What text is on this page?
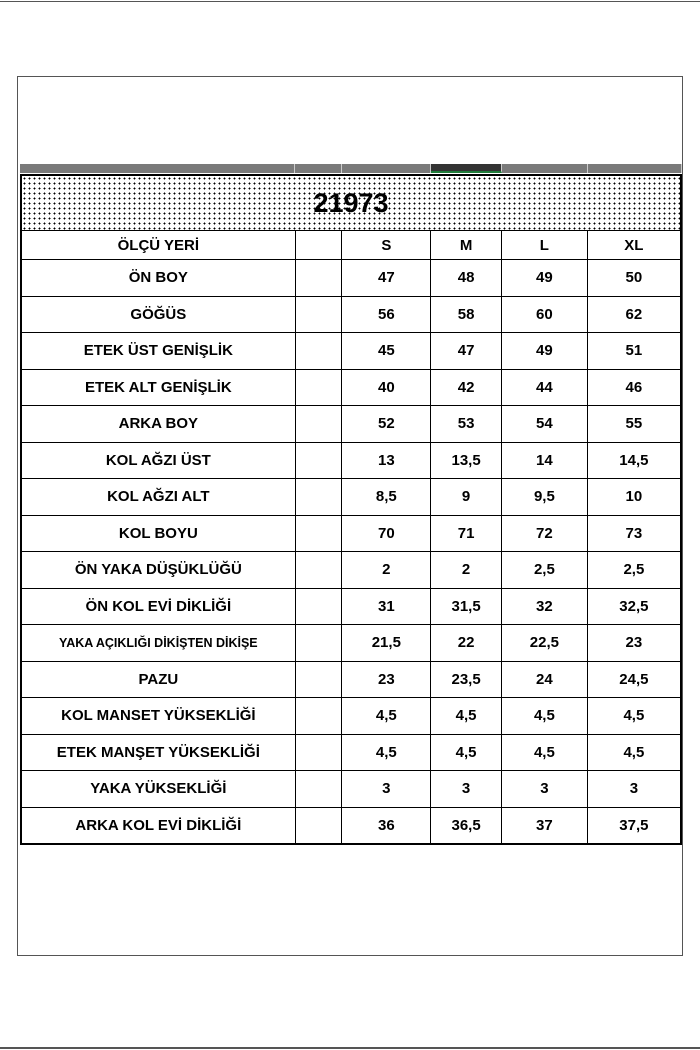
21973					
ÖLÇÜ YERİ		S	M	L	XL
ÖN BOY		47	48	49	50
GÖĞÜS		56	58	60	62
ETEK ÜST GENİŞLİK		45	47	49	51
ETEK ALT GENİŞLİK		40	42	44	46
ARKA BOY		52	53	54	55
KOL AĞZI ÜST		13	13,5	14	14,5
KOL AĞZI ALT		8,5	9	9,5	10
KOL BOYU		70	71	72	73
ÖN YAKA DÜŞÜKLÜĞÜ		2	2	2,5	2,5
ÖN KOL EVİ DİKLİĞİ		31	31,5	32	32,5
YAKA AÇIKLIĞI DİKİŞTEN DİKİŞE		21,5	22	22,5	23
PAZU		23	23,5	24	24,5
KOL MANSET YÜKSEKLİĞİ		4,5	4,5	4,5	4,5
ETEK MANŞET YÜKSEKLİĞİ		4,5	4,5	4,5	4,5
YAKA YÜKSEKLİĞİ		3	3	3	3
ARKA KOL EVİ DİKLİĞİ		36	36,5	37	37,5
